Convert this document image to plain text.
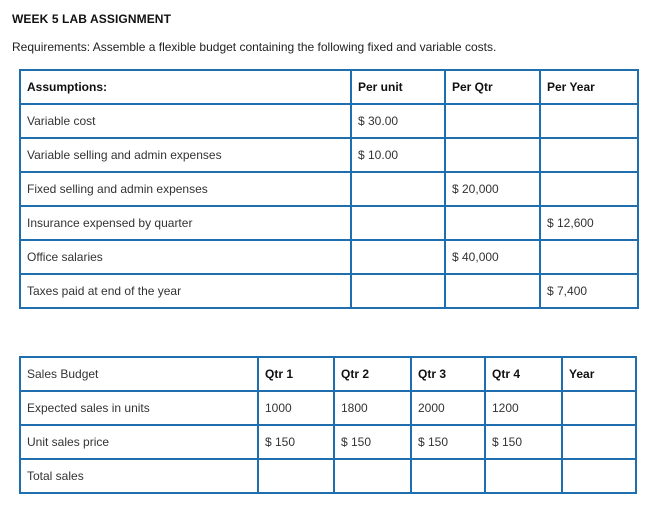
WEEK 5 LAB ASSIGNMENT
Requirements: Assemble a flexible budget containing the following fixed and variable costs.
Assumptions:	Per unit	Per Qtr	Per Year
Variable cost	$ 30.00		
Variable selling and admin expenses	$ 10.00		
Fixed selling and admin expenses		$ 20,000	
Insurance expensed by quarter			$ 12,600
Office salaries		$ 40,000	
Taxes paid at end of the year			$ 7,400
Sales Budget	Qtr 1	Qtr 2	Qtr 3	Qtr 4	Year
Expected sales in units	1000	1800	2000	1200	
Unit sales price	$ 150	$ 150	$ 150	$ 150	
Total sales					
